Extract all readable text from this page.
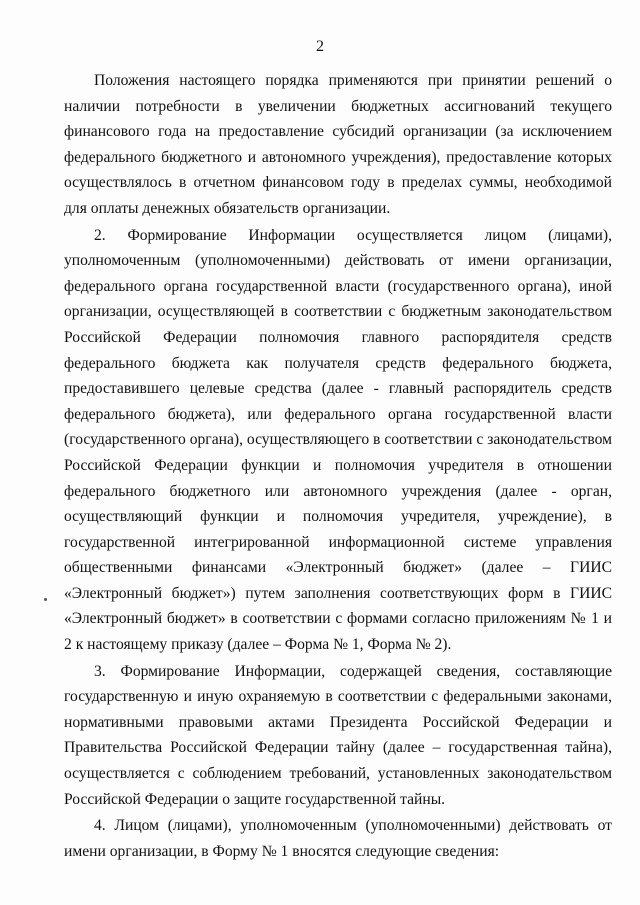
2

Положения настоящего порядка применяются при принятии решений о наличии потребности в увеличении бюджетных ассигнований текущего финансового года на предоставление субсидий организации (за исключением федерального бюджетного и автономного учреждения), предоставление которых осуществлялось в отчетном финансовом году в пределах суммы, необходимой для оплаты денежных обязательств организации.

2. Формирование Информации осуществляется лицом (лицами), уполномоченным (уполномоченными) действовать от имени организации, федерального органа государственной власти (государственного органа), иной организации, осуществляющей в соответствии с бюджетным законодательством Российской Федерации полномочия главного распорядителя средств федерального бюджета как получателя средств федерального бюджета, предоставившего целевые средства (далее - главный распорядитель средств федерального бюджета), или федерального органа государственной власти (государственного органа), осуществляющего в соответствии с законодательством Российской Федерации функции и полномочия учредителя в отношении федерального бюджетного или автономного учреждения (далее - орган, осуществляющий функции и полномочия учредителя, учреждение), в государственной интегрированной информационной системе управления общественными финансами «Электронный бюджет» (далее – ГИИС «Электронный бюджет») путем заполнения соответствующих форм в ГИИС «Электронный бюджет» в соответствии с формами согласно приложениям № 1 и 2 к настоящему приказу (далее – Форма № 1, Форма № 2).

3. Формирование Информации, содержащей сведения, составляющие государственную и иную охраняемую в соответствии с федеральными законами, нормативными правовыми актами Президента Российской Федерации и Правительства Российской Федерации тайну (далее – государственная тайна), осуществляется с соблюдением требований, установленных законодательством Российской Федерации о защите государственной тайны.

4. Лицом (лицами), уполномоченным (уполномоченными) действовать от имени организации, в Форму № 1 вносятся следующие сведения:
